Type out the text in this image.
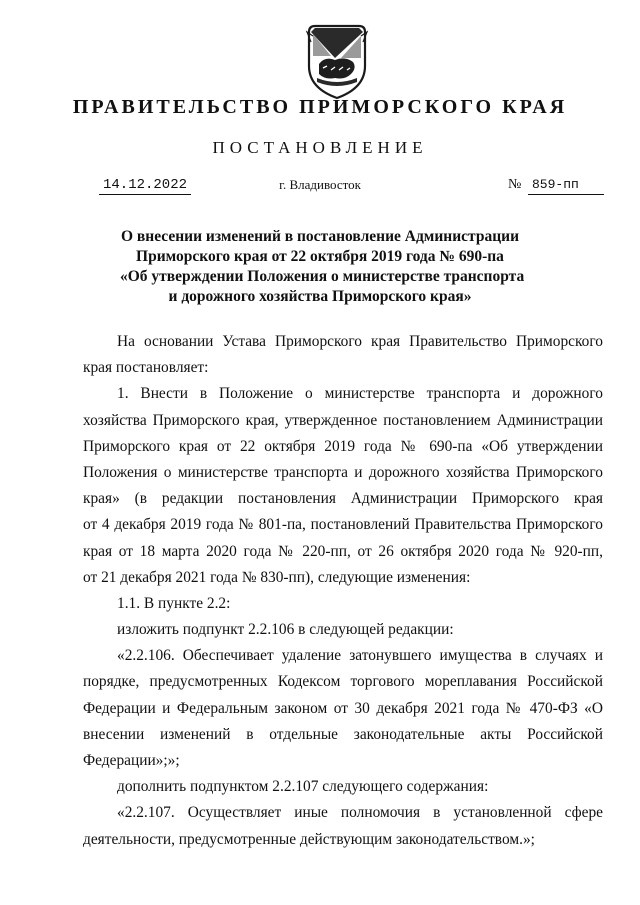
ПРАВИТЕЛЬСТВО ПРИМОРСКОГО КРАЯ
ПОСТАНОВЛЕНИЕ
14.12.2022	г. Владивосток	№ 859-пп
О внесении изменений в постановление Администрации
Приморского края от 22 октября 2019 года № 690-па
«Об утверждении Положения о министерстве транспорта
и дорожного хозяйства Приморского края»
На основании Устава Приморского края Правительство Приморского
края постановляет:
1. Внести в Положение о министерстве транспорта и дорожного
хозяйства Приморского края, утвержденное постановлением Администрации
Приморского края от 22 октября 2019 года № 690-па «Об утверждении
Положения о министерстве транспорта и дорожного хозяйства Приморского
края» (в редакции постановления Администрации Приморского края
от 4 декабря 2019 года № 801-па, постановлений Правительства Приморского
края от 18 марта 2020 года № 220-пп, от 26 октября 2020 года № 920-пп,
от 21 декабря 2021 года № 830-пп), следующие изменения:
1.1. В пункте 2.2:
изложить подпункт 2.2.106 в следующей редакции:
«2.2.106. Обеспечивает удаление затонувшего имущества в случаях и
порядке, предусмотренных Кодексом торгового мореплавания Российской
Федерации и Федеральным законом от 30 декабря 2021 года № 470-ФЗ «О
внесении изменений в отдельные законодательные акты Российской
Федерации»;»;
дополнить подпунктом 2.2.107 следующего содержания:
«2.2.107. Осуществляет иные полномочия в установленной сфере
деятельности, предусмотренные действующим законодательством.»;
